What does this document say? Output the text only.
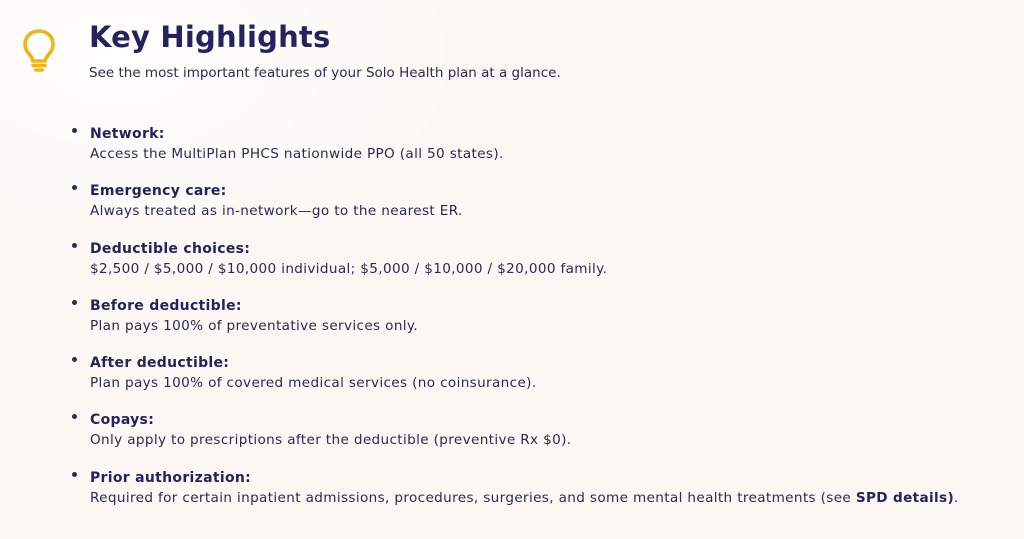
Key Highlights

See the most important features of your Solo Health plan at a glance.

Network:
Access the MultiPlan PHCS nationwide PPO (all 50 states).
Emergency care:
Always treated as in-network—go to the nearest ER.
Deductible choices:
$2,500 / $5,000 / $10,000 individual; $5,000 / $10,000 / $20,000 family.
Before deductible:
Plan pays 100% of preventative services only.
After deductible:
Plan pays 100% of covered medical services (no coinsurance).
Copays:
Only apply to prescriptions after the deductible (preventive Rx $0).
Prior authorization:
Required for certain inpatient admissions, procedures, surgeries, and some mental health treatments (see SPD details).
